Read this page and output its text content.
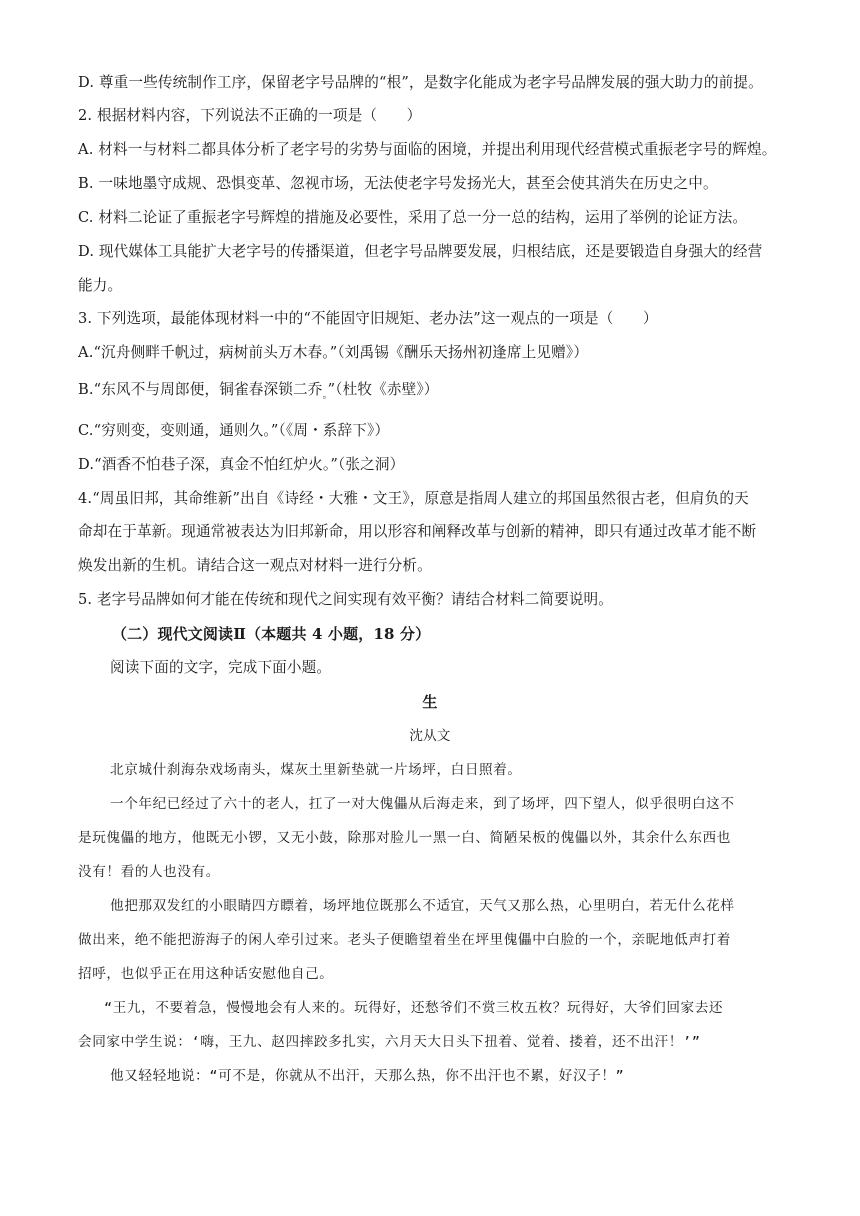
D. 尊重一些传统制作工序，保留老字号品牌的“根”，是数字化能成为老字号品牌发展的强大助力的前提。
2. 根据材料内容，下列说法不正确的一项是（　　）
A. 材料一与材料二都具体分析了老字号的劣势与面临的困境，并提出利用现代经营模式重振老字号的辉煌。
B. 一味地墨守成规、恐惧变革、忽视市场，无法使老字号发扬光大，甚至会使其消失在历史之中。
C. 材料二论证了重振老字号辉煌的措施及必要性，采用了总一分一总的结构，运用了举例的论证方法。
D. 现代媒体工具能扩大老字号的传播渠道，但老字号品牌要发展，归根结底，还是要锻造自身强大的经营
能力。
3. 下列选项，最能体现材料一中的“不能固守旧规矩、老办法”这一观点的一项是（　　）
A.“沉舟侧畔千帆过，病树前头万木春。”（刘禹锡《酬乐天扬州初逢席上见赠》）
B.“东风不与周郎便，铜雀春深锁二乔$_。$”（杜牧《赤壁》）
C.“穷则变，变则通，通则久。”（《周・系辞下》）
D.“酒香不怕巷子深，真金不怕红炉火。”（张之洞）
4.“周虽旧邦，其命维新”出自《诗经・大雅・文王》，原意是指周人建立的邦国虽然很古老，但肩负的天
命却在于革新。现通常被表达为旧邦新命，用以形容和阐释改革与创新的精神，即只有通过改革才能不断
焕发出新的生机。请结合这一观点对材料一进行分析。
5. 老字号品牌如何才能在传统和现代之间实现有效平衡？请结合材料二简要说明。
（二）现代文阅读Ⅱ（本题共 4 小题，18 分）
阅读下面的文字，完成下面小题。
生
沈从文
北京城什刹海杂戏场南头，煤灰土里新垫就一片场坪，白日照着。
一个年纪已经过了六十的老人，扛了一对大傀儡从后海走来，到了场坪，四下望人，似乎很明白这不
是玩傀儡的地方，他既无小锣，又无小鼓，除那对脸儿一黑一白、简陋呆板的傀儡以外，其余什么东西也
没有！看的人也没有。
他把那双发红的小眼睛四方瞟着，场坪地位既那么不适宜，天气又那么热，心里明白，若无什么花样
做出来，绝不能把游海子的闲人牵引过来。老头子便瞻望着坐在坪里傀儡中白脸的一个，亲昵地低声打着
招呼，也似乎正在用这种话安慰他自己。
“王九，不要着急，慢慢地会有人来的。玩得好，还愁爷们不赏三枚五枚？玩得好，大爷们回家去还
会同家中学生说：‘嗨，王九、赵四摔跤多扎实，六月天大日头下扭着、觉着、搂着，还不出汗！’”
他又轻轻地说：“可不是，你就从不出汗，天那么热，你不出汗也不累，好汉子！”
